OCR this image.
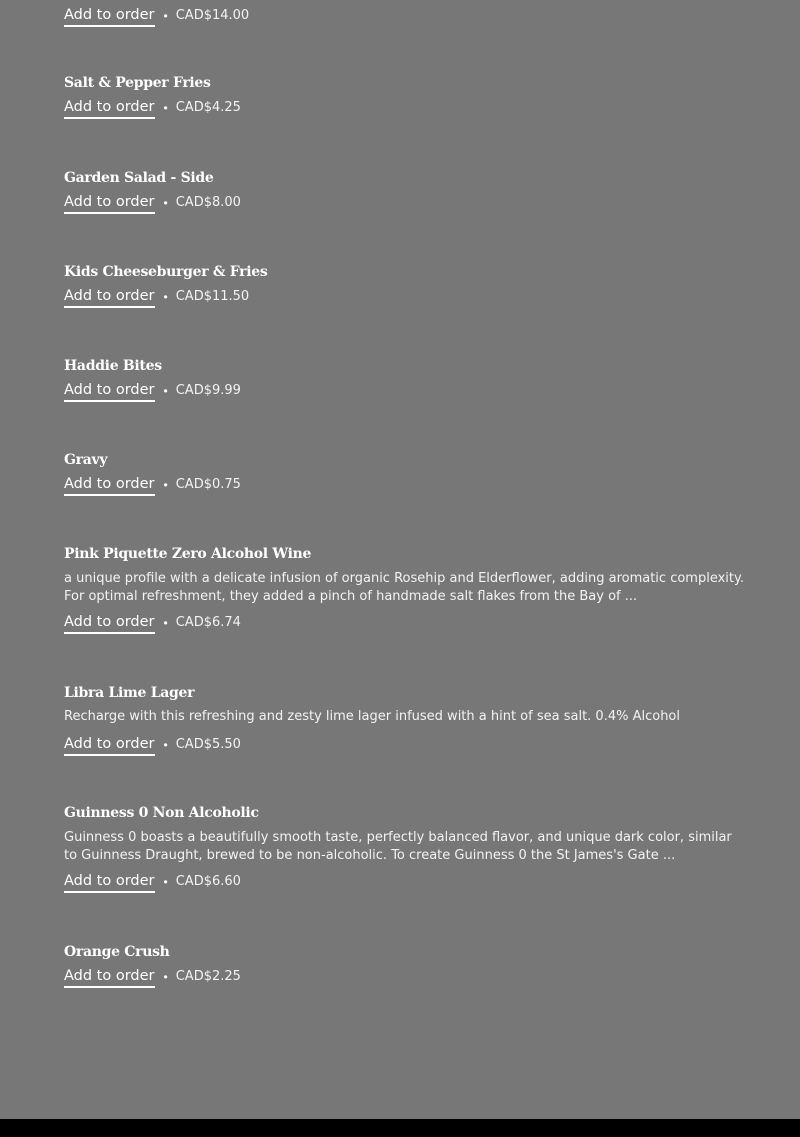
Add to order • CAD$14.00
Salt & Pepper Fries
Add to order • CAD$4.25
Garden Salad - Side
Add to order • CAD$8.00
Kids Cheeseburger & Fries
Add to order • CAD$11.50
Haddie Bites
Add to order • CAD$9.99
Gravy
Add to order • CAD$0.75
Pink Piquette Zero Alcohol Wine
a unique profile with a delicate infusion of organic Rosehip and Elderflower, adding aromatic complexity. For optimal refreshment, they added a pinch of handmade salt flakes from the Bay of ...
Add to order • CAD$6.74
Libra Lime Lager
Recharge with this refreshing and zesty lime lager infused with a hint of sea salt. 0.4% Alcohol
Add to order • CAD$5.50
Guinness 0 Non Alcoholic
Guinness 0 boasts a beautifully smooth taste, perfectly balanced flavor, and unique dark color, similar to Guinness Draught, brewed to be non-alcoholic. To create Guinness 0 the St James's Gate ...
Add to order • CAD$6.60
Orange Crush
Add to order • CAD$2.25
